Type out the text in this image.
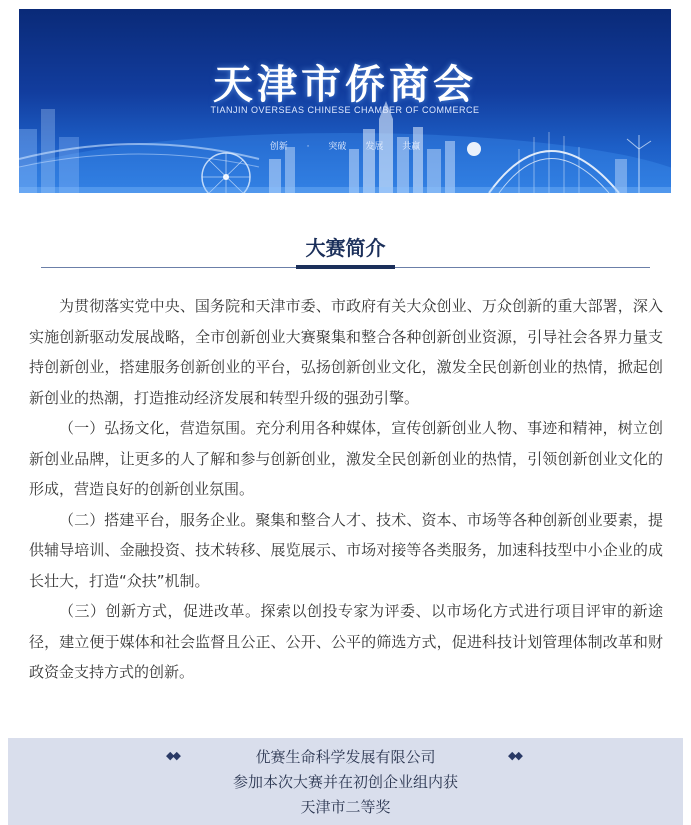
天津市侨商会
TIANJIN OVERSEAS CHINESE CHAMBER OF COMMERCE
创新 · 突破 发展 共赢
大赛简介

为贯彻落实党中央、国务院和天津市委、市政府有关大众创业、万众创新的重大部署，深入实施创新驱动发展战略，全市创新创业大赛聚集和整合各种创新创业资源，引导社会各界力量支持创新创业，搭建服务创新创业的平台，弘扬创新创业文化，激发全民创新创业的热情，掀起创新创业的热潮，打造推动经济发展和转型升级的强劲引擎。

（一）弘扬文化，营造氛围。充分利用各种媒体，宣传创新创业人物、事迹和精神，树立创新创业品牌，让更多的人了解和参与创新创业，激发全民创新创业的热情，引领创新创业文化的形成，营造良好的创新创业氛围。

（二）搭建平台，服务企业。聚集和整合人才、技术、资本、市场等各种创新创业要素，提供辅导培训、金融投资、技术转移、展览展示、市场对接等各类服务，加速科技型中小企业的成长壮大，打造“众扶”机制。

（三）创新方式，促进改革。探索以创投专家为评委、以市场化方式进行项目评审的新途径，建立便于媒体和社会监督且公正、公开、公平的筛选方式，促进科技计划管理体制改革和财政资金支持方式的创新。

优赛生命科学发展有限公司
参加本次大赛并在初创企业组内获
天津市二等奖
◆◆	◆◆
